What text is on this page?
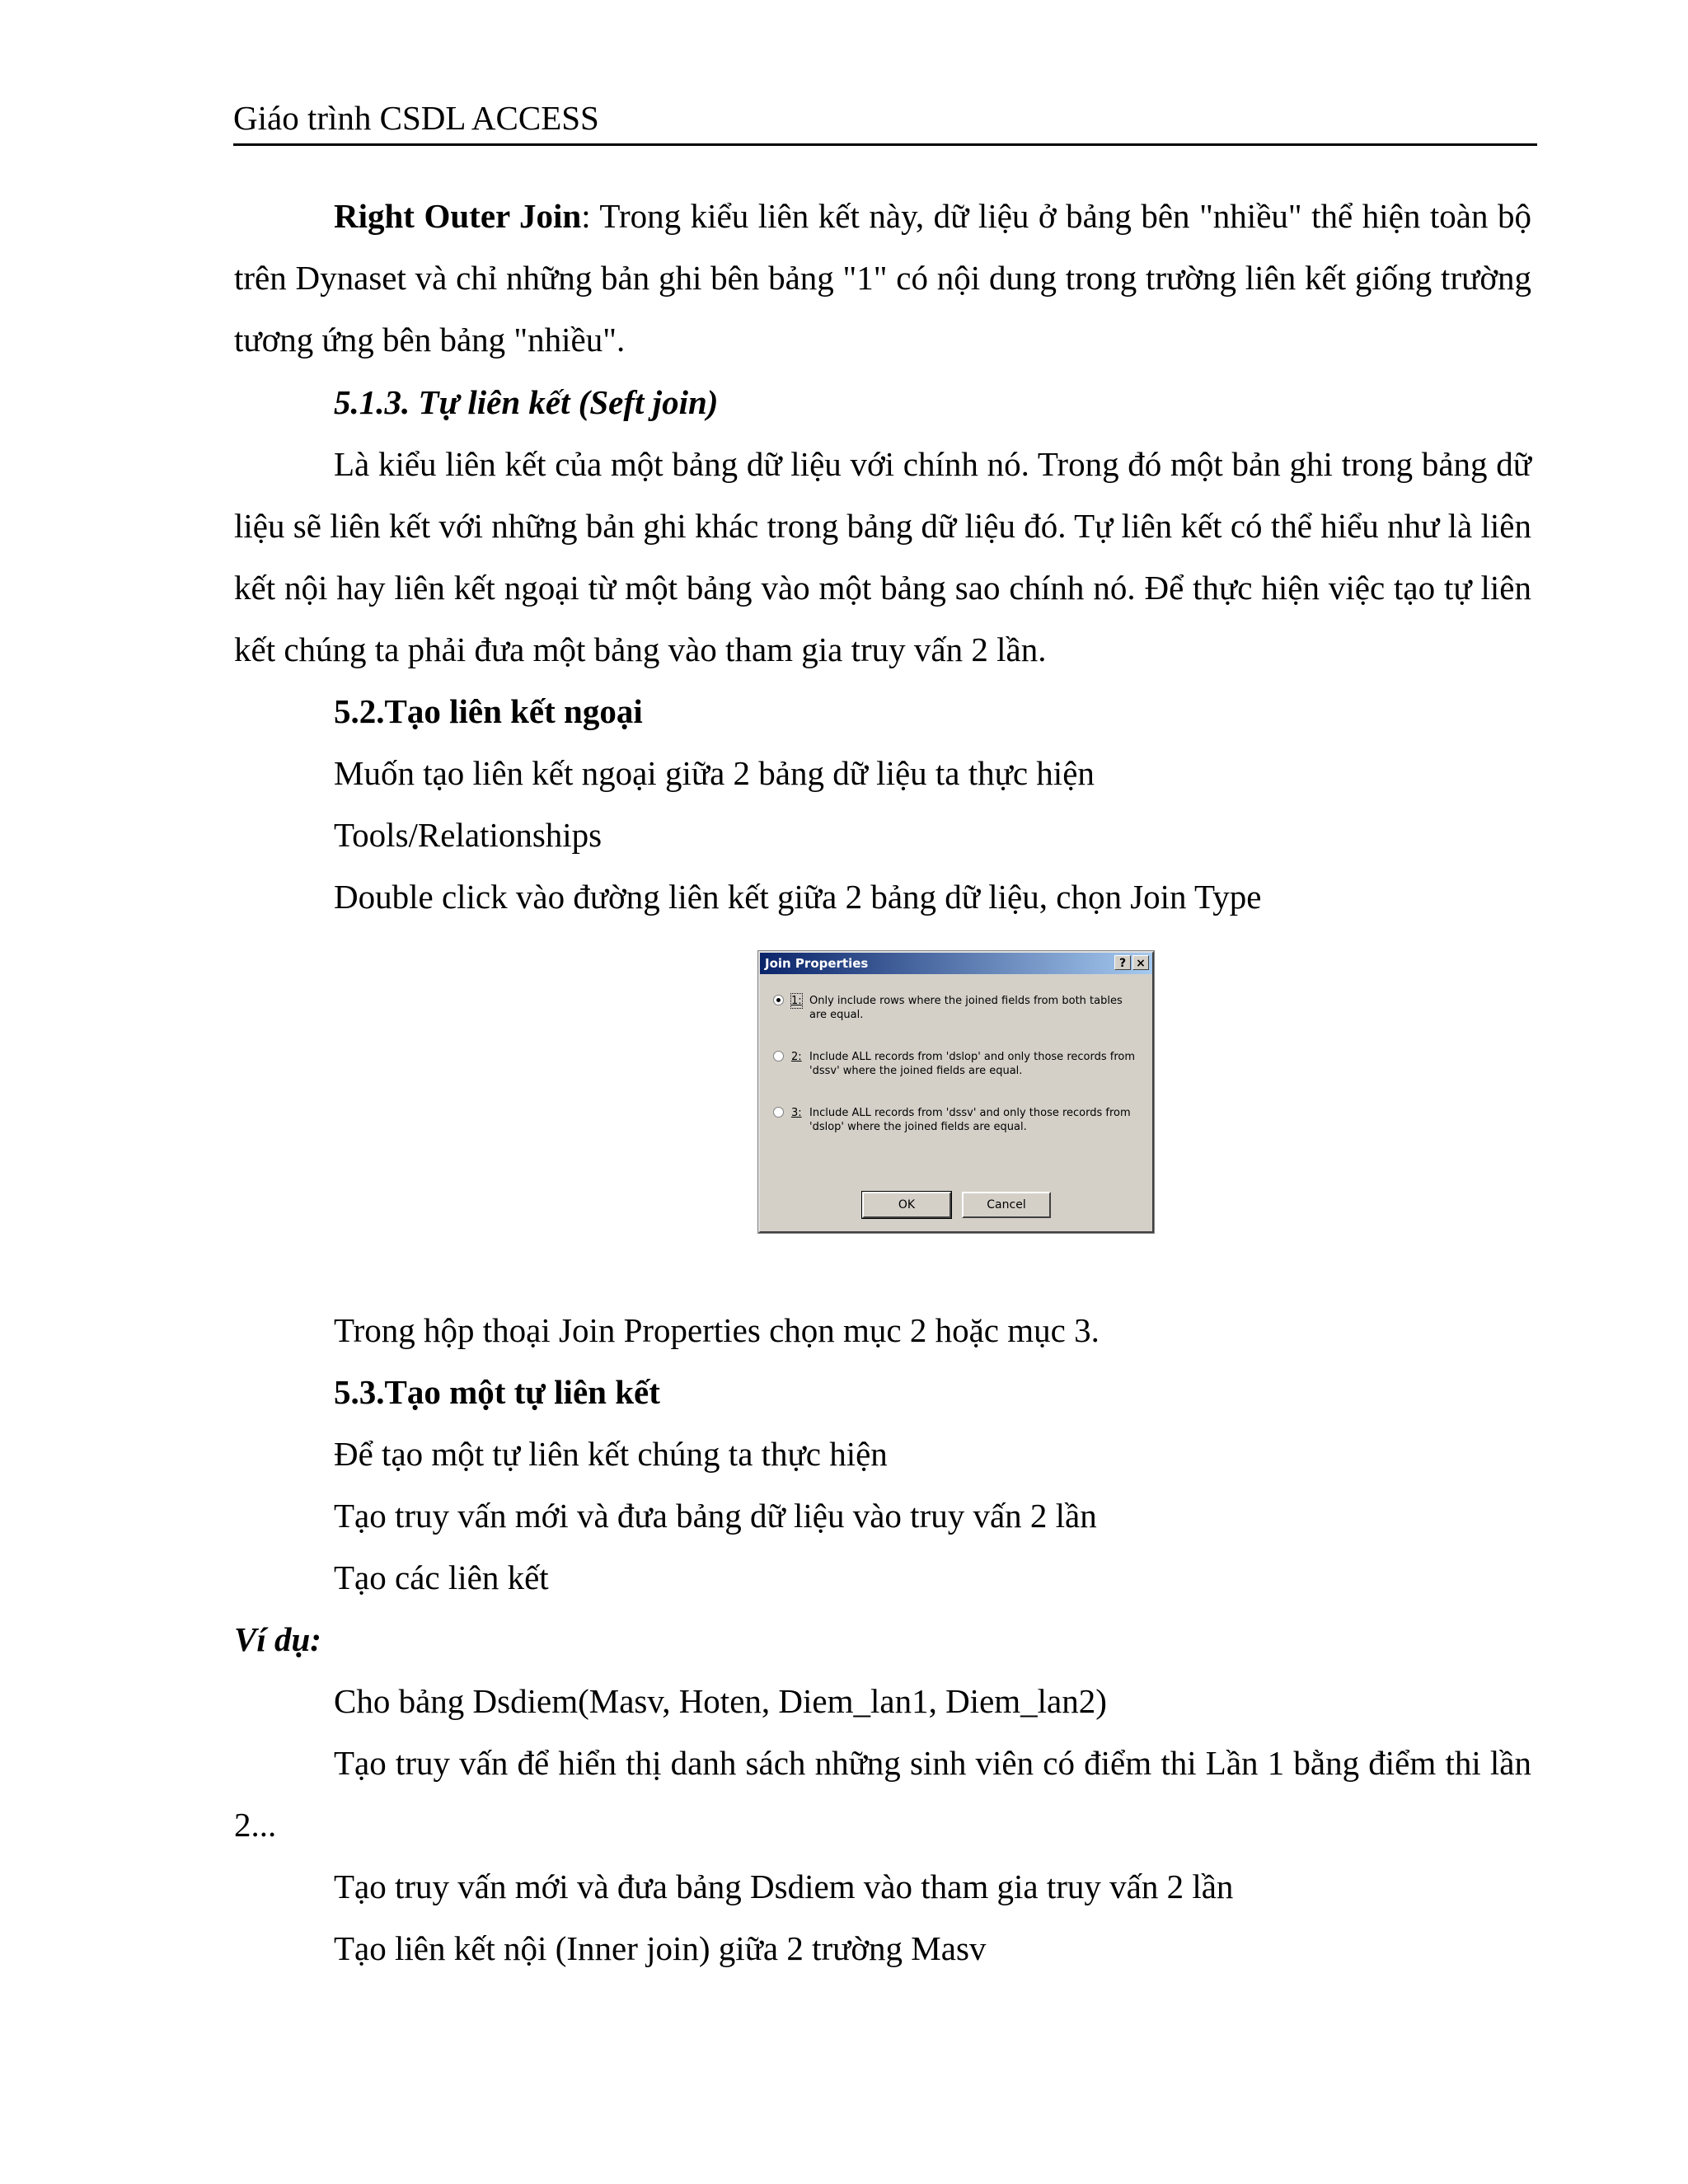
Giáo trình CSDL ACCESS
Right Outer Join: Trong kiểu liên kết này, dữ liệu ở bảng bên "nhiều" thể hiện toàn bộ trên Dynaset và chỉ những bản ghi bên bảng "1" có nội dung trong trường liên kết giống trường tương ứng bên bảng "nhiều".
5.1.3. Tự liên kết (Seft join)
Là kiểu liên kết của một bảng dữ liệu với chính nó. Trong đó một bản ghi trong bảng dữ liệu sẽ liên kết với những bản ghi khác trong bảng dữ liệu đó. Tự liên kết có thể hiểu như là liên kết nội hay liên kết ngoại từ một bảng vào một bảng sao chính nó. Để thực hiện việc tạo tự liên kết chúng ta phải đưa một bảng vào tham gia truy vấn 2 lần.
5.2.Tạo liên kết ngoại
Muốn tạo liên kết ngoại giữa 2 bảng dữ liệu ta thực hiện
Tools/Relationships
Double click vào đường liên kết giữa 2 bảng dữ liệu, chọn Join Type
Join Properties	? ×
1: Only include rows where the joined fields from both tables are equal.
2: Include ALL records from 'dslop' and only those records from 'dssv' where the joined fields are equal.
3: Include ALL records from 'dssv' and only those records from 'dslop' where the joined fields are equal.
OK	Cancel
Trong hộp thoại Join Properties chọn mục 2 hoặc mục 3.
5.3.Tạo một tự liên kết
Để tạo một tự liên kết chúng ta thực hiện
Tạo truy vấn mới và đưa bảng dữ liệu vào truy vấn 2 lần
Tạo các liên kết
Ví dụ:
Cho bảng Dsdiem(Masv, Hoten, Diem_lan1, Diem_lan2)
Tạo truy vấn để hiển thị danh sách những sinh viên có điểm thi Lần 1 bằng điểm thi lần 2...
Tạo truy vấn mới và đưa bảng Dsdiem vào tham gia truy vấn 2 lần
Tạo liên kết nội (Inner join) giữa 2 trường Masv
